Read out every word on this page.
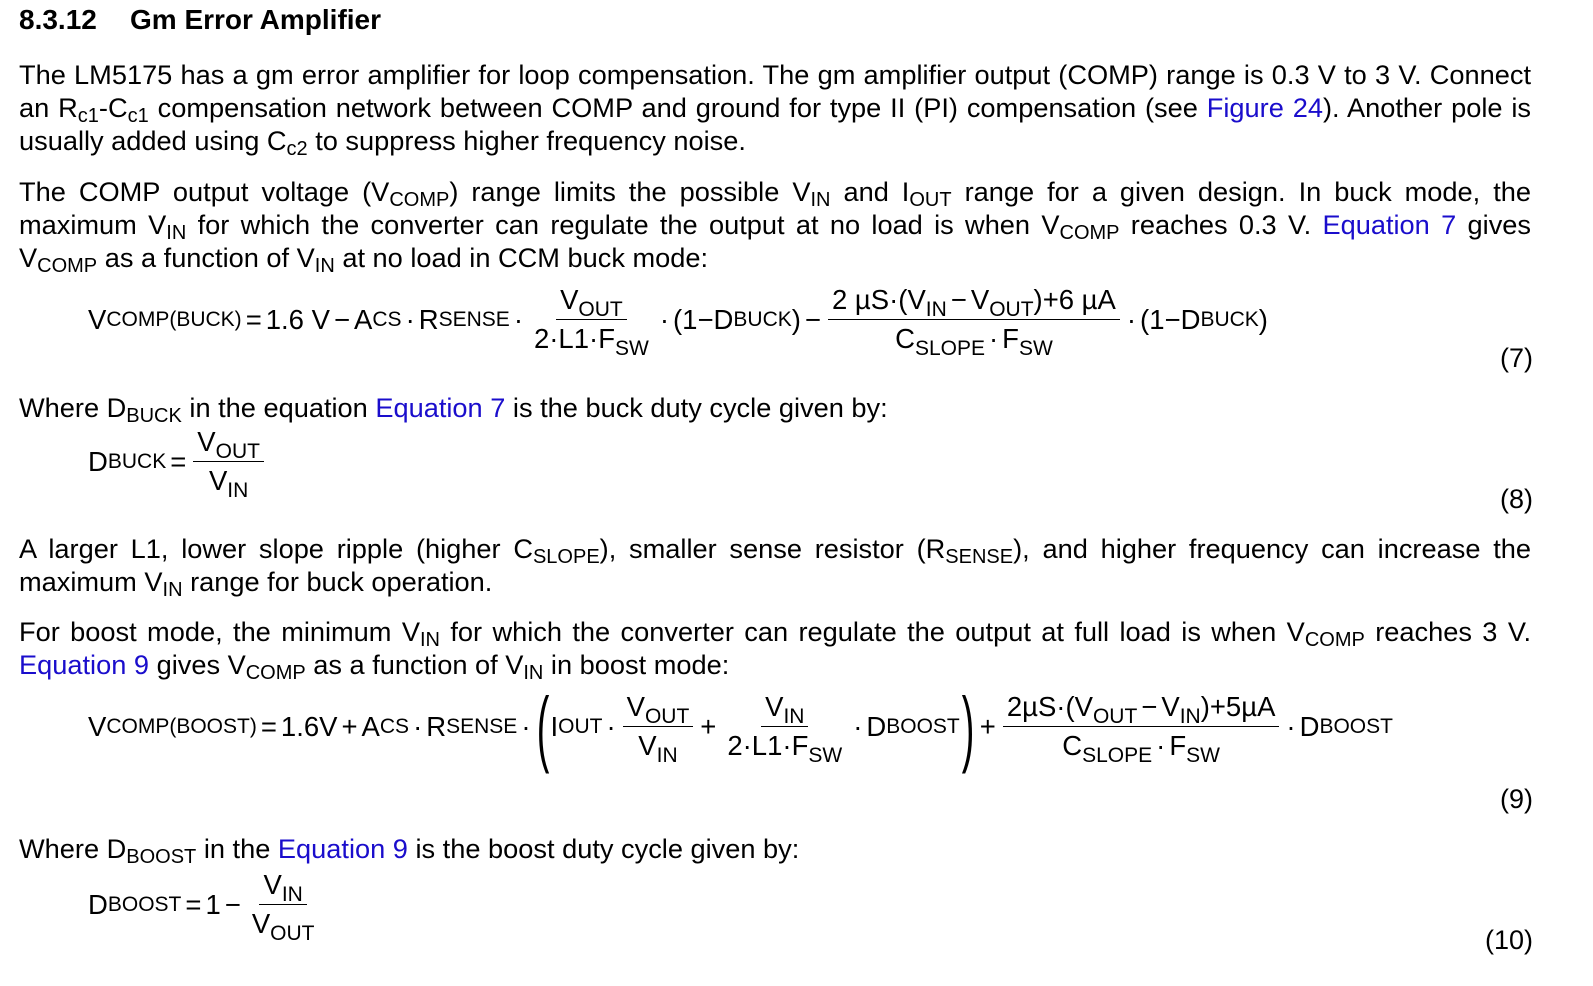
8.3.12 Gm Error Amplifier

The LM5175 has a gm error amplifier for loop compensation. The gm amplifier output (COMP) range is 0.3 V to 3 V. Connect an $R_{c1}-C_{c1}$ compensation network between COMP and ground for type II (PI) compensation (see Figure 24). Another pole is usually added using $C_{c2}$ to suppress higher frequency noise.

The COMP output voltage $(V_{COMP})$ range limits the possible $V_{IN}$ and $I_{OUT}$ range for a given design. In buck mode, the maximum $V_{IN}$ for which the converter can regulate the output at no load is when $V_{COMP}$ reaches 0.3 V. Equation 7 gives $V_{COMP}$ as a function of $V_{IN}$ at no load in CCM buck mode:

V COMP(BUCK) = 1.6 V − A CS · R SENSE · $\frac{V_{OUT}}{2\cdot L1\cdot F_{SW}} \cdot (1- D$ BUCK ) − $\frac{2 \mu S\cdot(V_{IN} - V_{OUT})+6 \mu A}{C_{SLOPE} \cdot F_{SW}} \cdot (1- D$ BUCK )
(7)

Where $D_{BUCK}$ in the equation Equation 7 is the buck duty cycle given by:

D BUCK = $\frac{V_{OUT}}{V_{IN}}$
(8)

A larger L1, lower slope ripple (higher $C_{SLOPE}$), smaller sense resistor $(R_{SENSE})$, and higher frequency can increase the maximum $V_{IN}$ range for buck operation.

For boost mode, the minimum $V_{IN}$ for which the converter can regulate the output at full load is when $V_{COMP}$ reaches 3 V. Equation 9 gives $V_{COMP}$ as a function of $V_{IN}$ in boost mode:

V COMP(BOOST) = 1.6V + A CS · R SENSE · ( I OUT · $\frac{V_{OUT}}{V_{IN}} + \frac{V_{IN}}{2\cdot L1\cdot F_{SW}} \cdot D$ BOOST ) + $\frac{2\mu S\cdot(V_{OUT} - V_{IN})+5\mu A}{C_{SLOPE} \cdot F_{SW}} \cdot D$ BOOST
(9)

Where $D_{BOOST}$ in the Equation 9 is the boost duty cycle given by:

D BOOST = $1 - \frac{V_{IN}}{V_{OUT}}$	(10)
